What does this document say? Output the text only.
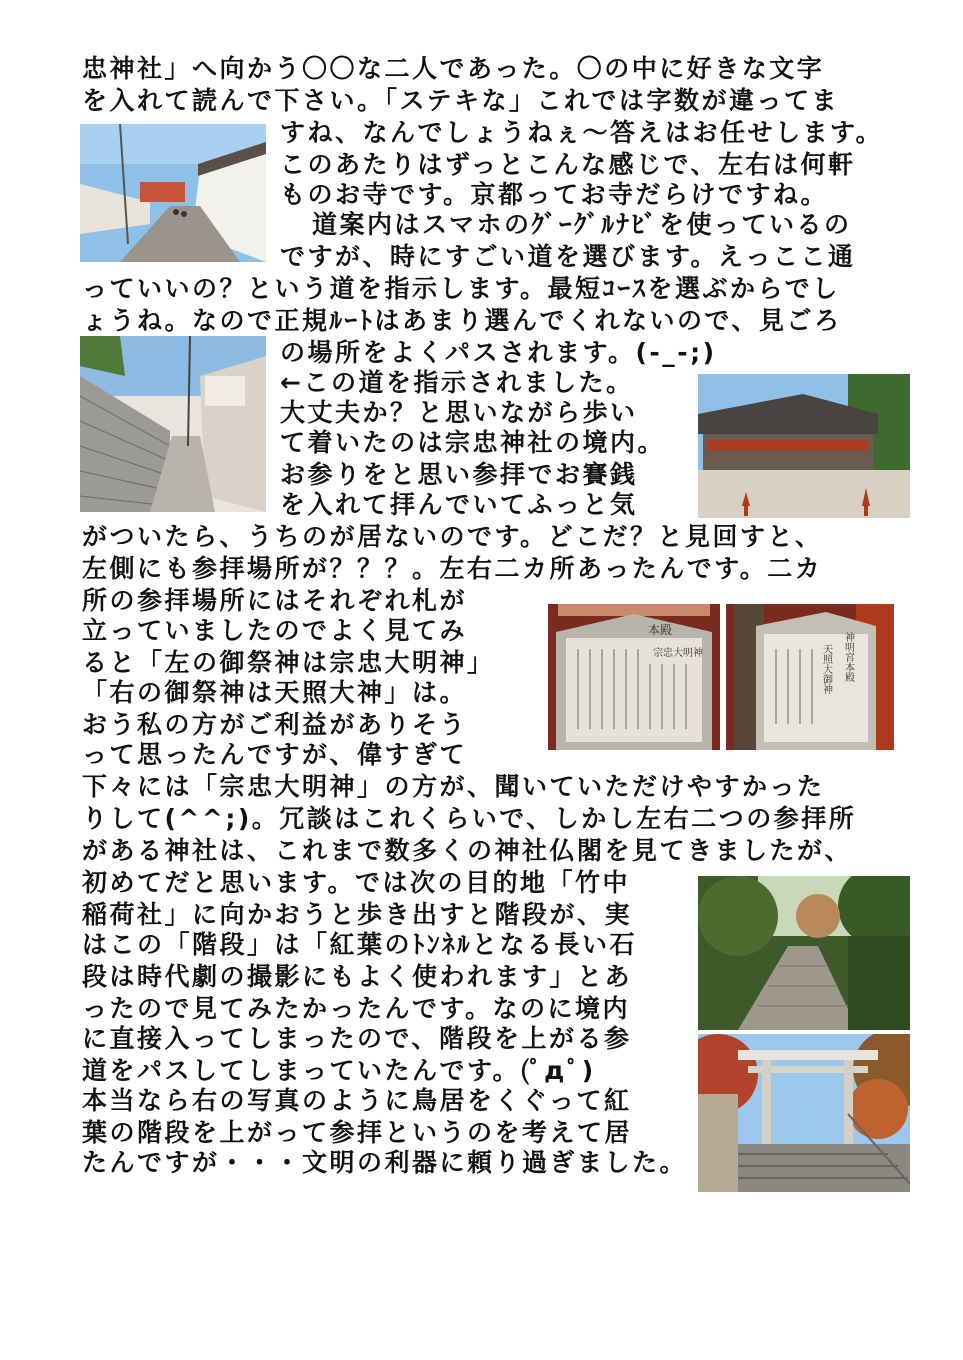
忠神社」へ向かう〇〇な二人であった。〇の中に好きな文字

を入れて読んで下さい。「ステキな」これでは字数が違ってま

すね、なんでしょうねぇ～答えはお任せします。

このあたりはずっとこんな感じで、左右は何軒

ものお寺です。京都ってお寺だらけですね。

道案内はスマホのｸﾞｰｸﾞﾙﾅﾋﾞを使っているの

ですが、時にすごい道を選びます。えっここ通

っていいの？という道を指示します。最短ｺｰｽを選ぶからでし

ょうね。なので正規ﾙｰﾄはあまり選んでくれないので、見ごろ

の場所をよくパスされます。(-_-;)

←この道を指示されました。

大丈夫か？と思いながら歩い

て着いたのは宗忠神社の境内。

お参りをと思い参拝でお賽銭

を入れて拝んでいてふっと気

がついたら、うちのが居ないのです。どこだ？と見回すと、

左側にも参拝場所が？？？。左右二カ所あったんです。二カ

所の参拝場所にはそれぞれ札が

立っていましたのでよく見てみ

ると「左の御祭神は宗忠大明神」

「右の御祭神は天照大神」は。

おう私の方がご利益がありそう

って思ったんですが、偉すぎて

下々には「宗忠大明神」の方が、聞いていただけやすかった

りして(^^;)。冗談はこれくらいで、しかし左右二つの参拝所

がある神社は、これまで数多くの神社仏閣を見てきましたが、

初めてだと思います。では次の目的地「竹中

稲荷社」に向かおうと歩き出すと階段が、実

はこの「階段」は「紅葉のﾄﾝﾈﾙとなる長い石

段は時代劇の撮影にもよく使われます」とあ

ったので見てみたかったんです。なのに境内

に直接入ってしまったので、階段を上がる参

道をパスしてしまっていたんです。(ﾟдﾟ)

本当なら右の写真のように鳥居をくぐって紅

葉の階段を上がって参拝というのを考えて居

たんですが・・・文明の利器に頼り過ぎました。

本殿
宗忠大明神	神明宮本殿
天照大御神
